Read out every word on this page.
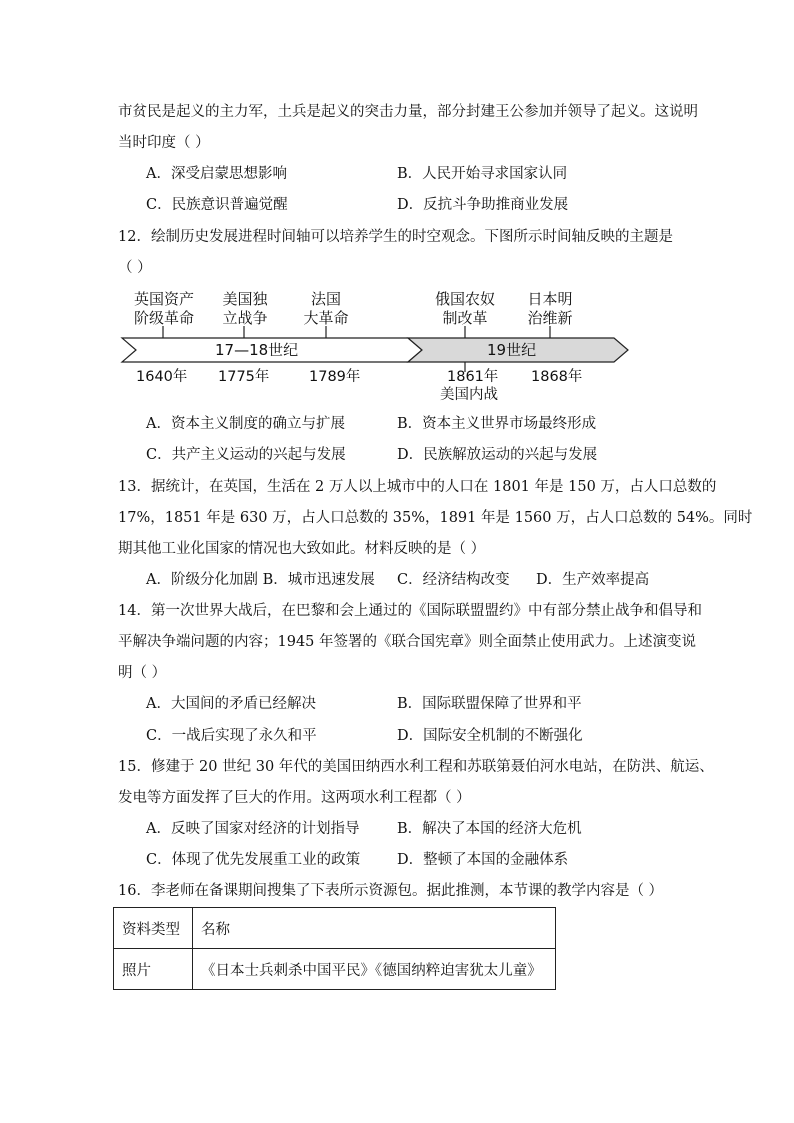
市贫民是起义的主力军，土兵是起义的突击力量，部分封建王公参加并领导了起义。这说明
当时印度（ ）
A．深受启蒙思想影响	B．人民开始寻求国家认同
C．民族意识普遍觉醒	D．反抗斗争助推商业发展
12．绘制历史发展进程时间轴可以培养学生的时空观念。下图所示时间轴反映的主题是
（ ）
英国资产
阶级革命
美国独
立战争
法国
大革命
俄国农奴
制改革
日本明
治维新
17—18世纪	19世纪
1640年 1775年	1789年	1861年 1868年
美国内战
A．资本主义制度的确立与扩展	B．资本主义世界市场最终形成
C．共产主义运动的兴起与发展	D．民族解放运动的兴起与发展
13．据统计，在英国，生活在 2 万人以上城市中的人口在 1801 年是 150 万，占人口总数的
17%，1851 年是 630 万，占人口总数的 35%，1891 年是 1560 万，占人口总数的 54%。同时
期其他工业化国家的情况也大致如此。材料反映的是（ ）
A．阶级分化加剧 B．城市迅速发展 C．经济结构改变 D．生产效率提高
14．第一次世界大战后，在巴黎和会上通过的《国际联盟盟约》中有部分禁止战争和倡导和
平解决争端问题的内容；1945 年签署的《联合国宪章》则全面禁止使用武力。上述演变说
明（ ）
A．大国间的矛盾已经解决	B．国际联盟保障了世界和平
C．一战后实现了永久和平	D．国际安全机制的不断强化
15．修建于 20 世纪 30 年代的美国田纳西水利工程和苏联第聂伯河水电站，在防洪、航运、
发电等方面发挥了巨大的作用。这两项水利工程都（ ）
A．反映了国家对经济的计划指导	B．解决了本国的经济大危机
C．体现了优先发展重工业的政策	D．整顿了本国的金融体系
16．李老师在备课期间搜集了下表所示资源包。据此推测，本节课的教学内容是（ ）
资料类型	名称
照片	《日本士兵刺杀中国平民》《德国纳粹迫害犹太儿童》
